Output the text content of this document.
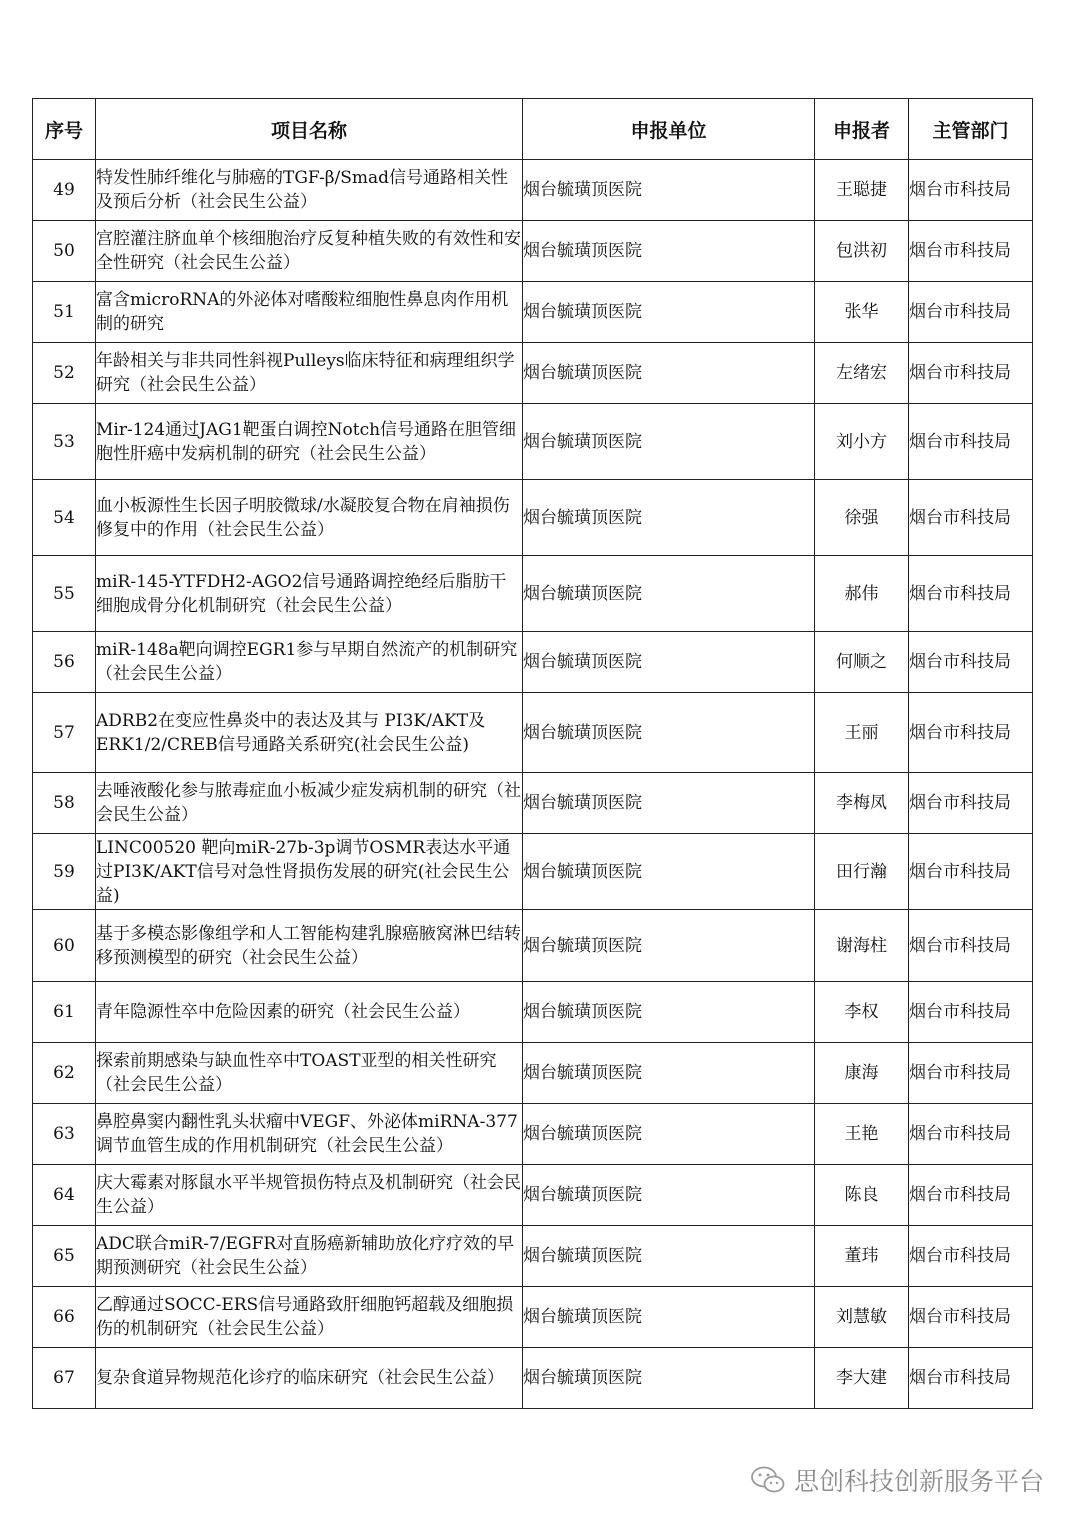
序号	项目名称	申报单位	申报者	主管部门
49	特发性肺纤维化与肺癌的TGF-β/Smad信号通路相关性及预后分析（社会民生公益）	烟台毓璜顶医院	王聪捷	烟台市科技局
50	宫腔灌注脐血单个核细胞治疗反复种植失败的有效性和安全性研究（社会民生公益）	烟台毓璜顶医院	包洪初	烟台市科技局
51	富含microRNA的外泌体对嗜酸粒细胞性鼻息肉作用机制的研究	烟台毓璜顶医院	张华	烟台市科技局
52	年龄相关与非共同性斜视Pulleys临床特征和病理组织学研究（社会民生公益）	烟台毓璜顶医院	左绪宏	烟台市科技局
53	Mir-124通过JAG1靶蛋白调控Notch信号通路在胆管细胞性肝癌中发病机制的研究（社会民生公益）	烟台毓璜顶医院	刘小方	烟台市科技局
54	血小板源性生长因子明胶微球/水凝胶复合物在肩袖损伤修复中的作用（社会民生公益）	烟台毓璜顶医院	徐强	烟台市科技局
55	miR-145-YTFDH2-AGO2信号通路调控绝经后脂肪干细胞成骨分化机制研究（社会民生公益）	烟台毓璜顶医院	郝伟	烟台市科技局
56	miR-148a靶向调控EGR1参与早期自然流产的机制研究（社会民生公益）	烟台毓璜顶医院	何顺之	烟台市科技局
57	ADRB2在变应性鼻炎中的表达及其与 PI3K/AKT及ERK1/2/CREB信号通路关系研究(社会民生公益)	烟台毓璜顶医院	王丽	烟台市科技局
58	去唾液酸化参与脓毒症血小板减少症发病机制的研究（社会民生公益）	烟台毓璜顶医院	李梅凤	烟台市科技局
59	LINC00520 靶向miR-27b-3p调节OSMR表达水平通过PI3K/AKT信号对急性肾损伤发展的研究(社会民生公益)	烟台毓璜顶医院	田行瀚	烟台市科技局
60	基于多模态影像组学和人工智能构建乳腺癌腋窝淋巴结转移预测模型的研究（社会民生公益）	烟台毓璜顶医院	谢海柱	烟台市科技局
61	青年隐源性卒中危险因素的研究（社会民生公益）	烟台毓璜顶医院	李权	烟台市科技局
62	探索前期感染与缺血性卒中TOAST亚型的相关性研究（社会民生公益）	烟台毓璜顶医院	康海	烟台市科技局
63	鼻腔鼻窦内翻性乳头状瘤中VEGF、外泌体miRNA-377调节血管生成的作用机制研究（社会民生公益）	烟台毓璜顶医院	王艳	烟台市科技局
64	庆大霉素对豚鼠水平半规管损伤特点及机制研究（社会民生公益）	烟台毓璜顶医院	陈良	烟台市科技局
65	ADC联合miR-7/EGFR对直肠癌新辅助放化疗疗效的早期预测研究（社会民生公益）	烟台毓璜顶医院	董玮	烟台市科技局
66	乙醇通过SOCC-ERS信号通路致肝细胞钙超载及细胞损伤的机制研究（社会民生公益）	烟台毓璜顶医院	刘慧敏	烟台市科技局
67	复杂食道异物规范化诊疗的临床研究（社会民生公益）	烟台毓璜顶医院	李大建	烟台市科技局
思创科技创新服务平台
